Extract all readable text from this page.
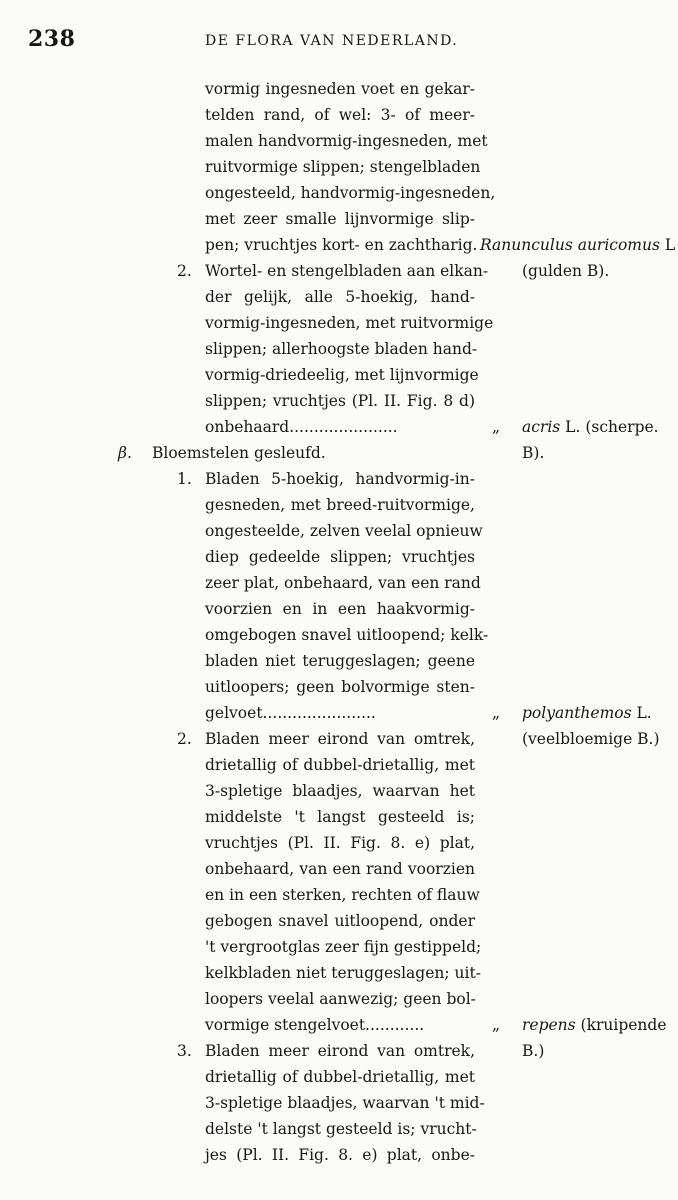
238	DE FLORA VAN NEDERLAND.
vormig ingesneden voet en gekar-
telden rand, of wel: 3- of meer-
malen handvormig-ingesneden, met
ruitvormige slippen; stengelbladen
ongesteeld, handvormig-ingesneden,
met zeer smalle lijnvormige slip-
pen; vruchtjes kort- en zachtharig.
2. Wortel- en stengelbladen aan elkan-
der gelijk, alle 5-hoekig, hand-
vormig-ingesneden, met ruitvormige
slippen; allerhoogste bladen hand-
vormig-driedeelig, met lijnvormige
slippen; vruchtjes (Pl. II. Fig. 8 d)
onbehaard......................
β. Bloemstelen gesleufd.
1. Bladen 5-hoekig, handvormig-in-
gesneden, met breed-ruitvormige,
ongesteelde, zelven veelal opnieuw
diep gedeelde slippen; vruchtjes
zeer plat, onbehaard, van een rand
voorzien en in een haakvormig-
omgebogen snavel uitloopend; kelk-
bladen niet teruggeslagen; geene
uitloopers; geen bolvormige sten-
gelvoet.......................
2. Bladen meer eirond van omtrek,
drietallig of dubbel-drietallig, met
3-spletige blaadjes, waarvan het
middelste 't langst gesteeld is;
vruchtjes (Pl. II. Fig. 8. e) plat,
onbehaard, van een rand voorzien
en in een sterken, rechten of flauw
gebogen snavel uitloopend, onder
't vergrootglas zeer fijn gestippeld;
kelkbladen niet teruggeslagen; uit-
loopers veelal aanwezig; geen bol-
vormige stengelvoet............
3. Bladen meer eirond van omtrek,
drietallig of dubbel-drietallig, met
3-spletige blaadjes, waarvan 't mid-
delste 't langst gesteeld is; vrucht-
jes (Pl. II. Fig. 8. e) plat, onbe-
Ranunculus auricomus L
(gulden B).
„ acris L. (scherpe.
B).
„ polyanthemos L.
(veelbloemige B.)
„ repens (kruipende
B.)
